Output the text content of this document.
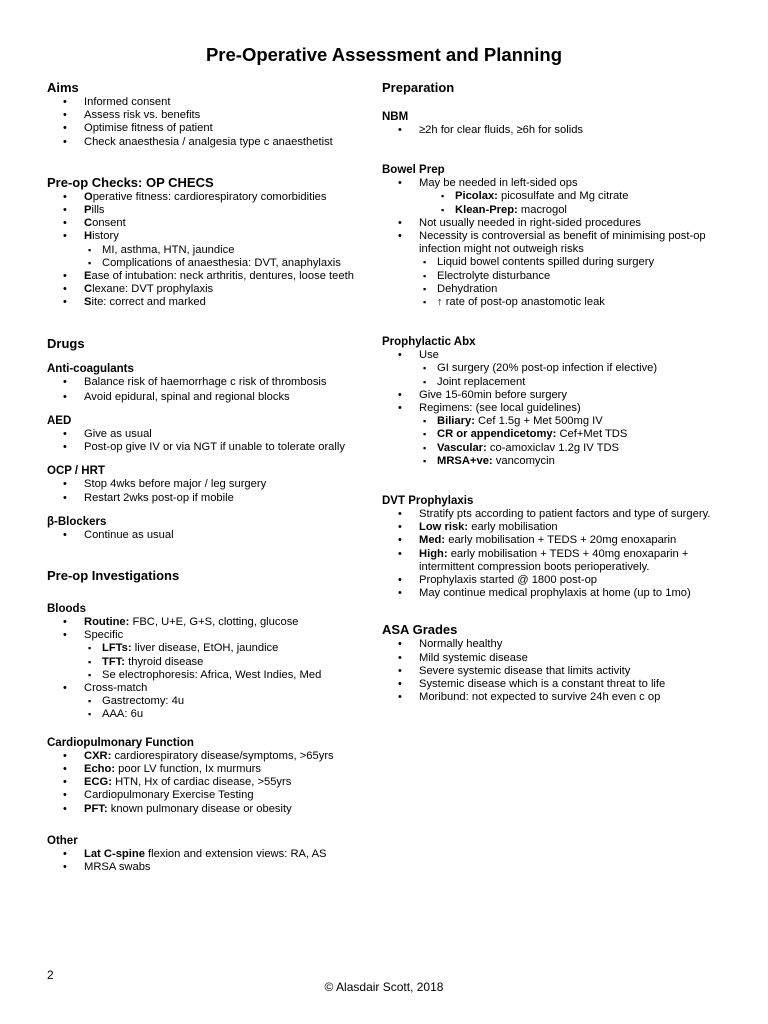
Pre-Operative Assessment and Planning
Aims
• Informed consent
• Assess risk vs. benefits
• Optimise fitness of patient
• Check anaesthesia / analgesia type c anaesthetist
Pre-op Checks: OP CHECS
• Operative fitness: cardiorespiratory comorbidities
• Pills
• Consent
• History
▪ MI, asthma, HTN, jaundice
▪ Complications of anaesthesia: DVT, anaphylaxis
• Ease of intubation: neck arthritis, dentures, loose teeth
• Clexane: DVT prophylaxis
• Site: correct and marked
Drugs
Anti-coagulants
• Balance risk of haemorrhage c risk of thrombosis
• Avoid epidural, spinal and regional blocks
AED
• Give as usual
• Post-op give IV or via NGT if unable to tolerate orally
OCP / HRT
• Stop 4wks before major / leg surgery
• Restart 2wks post-op if mobile
β-Blockers
• Continue as usual
Pre-op Investigations
Bloods
• Routine: FBC, U+E, G+S, clotting, glucose
• Specific
▪ LFTs: liver disease, EtOH, jaundice
▪ TFT: thyroid disease
▪ Se electrophoresis: Africa, West Indies, Med
• Cross-match
▪ Gastrectomy: 4u
▪ AAA: 6u
Cardiopulmonary Function
• CXR: cardiorespiratory disease/symptoms, >65yrs
• Echo: poor LV function, Ix murmurs
• ECG: HTN, Hx of cardiac disease, >55yrs
• Cardiopulmonary Exercise Testing
• PFT: known pulmonary disease or obesity
Other
• Lat C-spine flexion and extension views: RA, AS
• MRSA swabs
Preparation
NBM
• ≥2h for clear fluids, ≥6h for solids
Bowel Prep
• May be needed in left-sided ops
▪ Picolax: picosulfate and Mg citrate
▪ Klean-Prep: macrogol
• Not usually needed in right-sided procedures
• Necessity is controversial as benefit of minimising post-op infection might not outweigh risks
▪ Liquid bowel contents spilled during surgery
▪ Electrolyte disturbance
▪ Dehydration
▪ ↑ rate of post-op anastomotic leak
Prophylactic Abx
• Use
▪ GI surgery (20% post-op infection if elective)
▪ Joint replacement
• Give 15-60min before surgery
• Regimens: (see local guidelines)
▪ Biliary: Cef 1.5g + Met 500mg IV
▪ CR or appendicetomy: Cef+Met TDS
▪ Vascular: co-amoxiclav 1.2g IV TDS
▪ MRSA+ve: vancomycin
DVT Prophylaxis
• Stratify pts according to patient factors and type of surgery.
• Low risk: early mobilisation
• Med: early mobilisation + TEDS + 20mg enoxaparin
• High: early mobilisation + TEDS + 40mg enoxaparin + intermittent compression boots perioperatively.
• Prophylaxis started @ 1800 post-op
• May continue medical prophylaxis at home (up to 1mo)
ASA Grades
• Normally healthy
• Mild systemic disease
• Severe systemic disease that limits activity
• Systemic disease which is a constant threat to life
• Moribund: not expected to survive 24h even c op
2
© Alasdair Scott, 2018
